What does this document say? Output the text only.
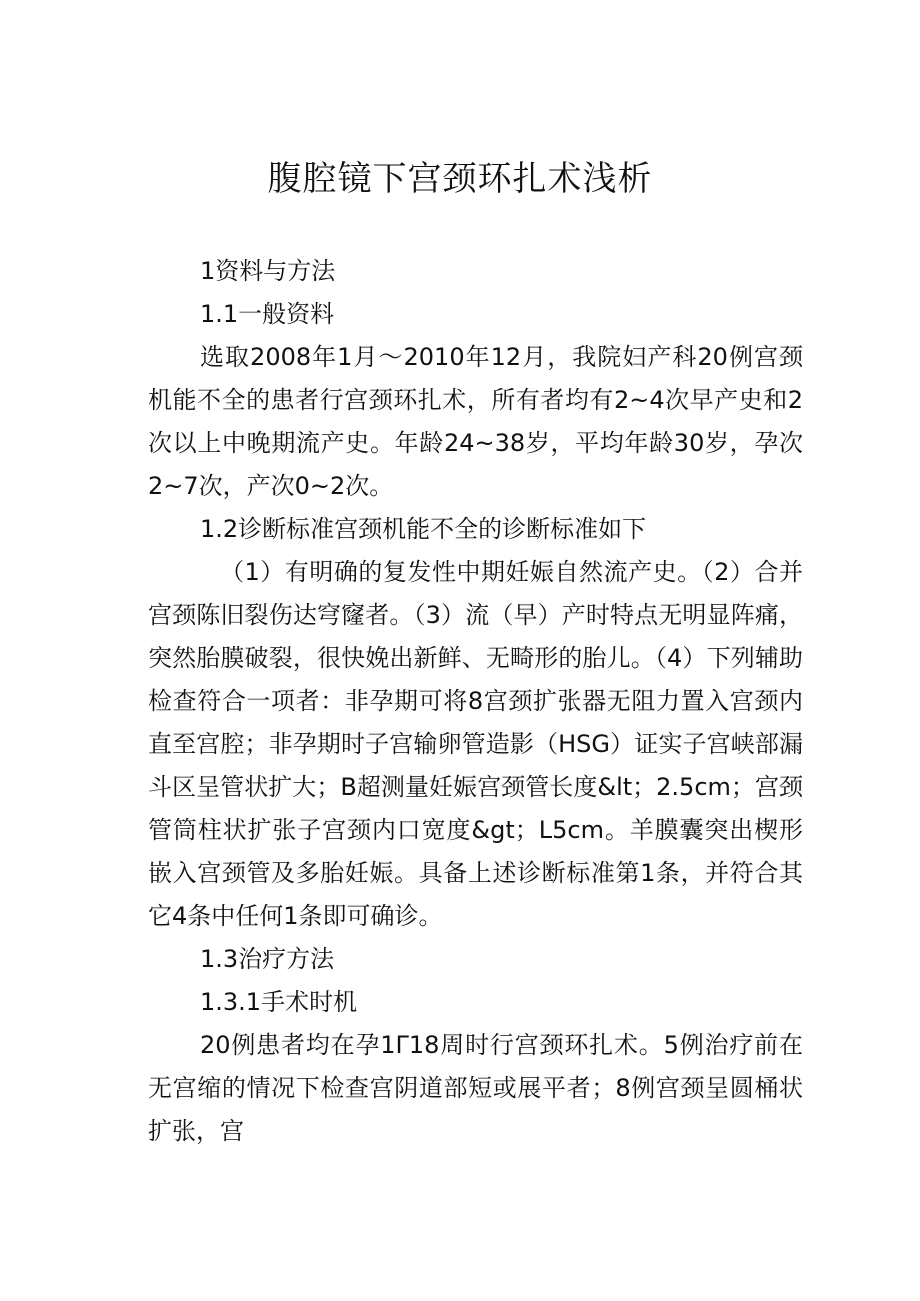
腹腔镜下宫颈环扎术浅析

1资料与方法

1.1一般资料

选取2008年1月～2010年12月，我院妇产科20例宫颈机能不全的患者行宫颈环扎术，所有者均有2~4次早产史和2次以上中晚期流产史。年龄24~38岁，平均年龄30岁，孕次2~7次，产次0~2次。

1.2诊断标准宫颈机能不全的诊断标准如下

（1）有明确的复发性中期妊娠自然流产史。（2）合并宫颈陈旧裂伤达穹窿者。（3）流（早）产时特点无明显阵痛，突然胎膜破裂，很快娩出新鲜、无畸形的胎儿。（4）下列辅助检查符合一项者：非孕期可将8宫颈扩张器无阻力置入宫颈内直至宫腔；非孕期时子宫输卵管造影（HSG）证实子宫峡部漏斗区呈管状扩大；B超测量妊娠宫颈管长度&lt；2.5cm；宫颈管筒柱状扩张子宫颈内口宽度&gt；L5cm。羊膜囊突出楔形嵌入宫颈管及多胎妊娠。具备上述诊断标准第1条，并符合其它4条中任何1条即可确诊。

1.3治疗方法

1.3.1手术时机

20例患者均在孕1Γ18周时行宫颈环扎术。5例治疗前在无宫缩的情况下检查宫阴道部短或展平者；8例宫颈呈圆桶状扩张，宫
